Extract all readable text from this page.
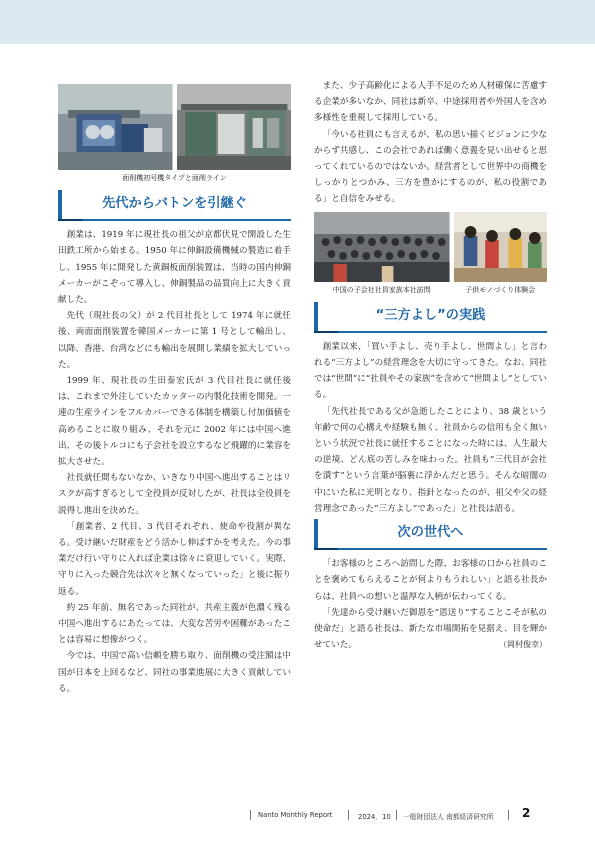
面削機初号機タイプと面削ライン
先代からバトンを引継ぐ

創業は、1919 年に現社長の祖父が京都伏見で開設した生田鉄工所から始まる。1950 年に伸銅設備機械の製造に着手し、1955 年に開発した黄銅板面削装置は、当時の国内伸銅メーカーがこぞって導入し、伸銅製品の品質向上に大きく貢献した。

先代（現社長の父）が 2 代目社長として 1974 年に就任後、両面面削装置を韓国メーカーに第 1 号として輸出し、以降、香港、台湾などにも輸出を展開し業績を拡大していった。

1999 年、現社長の生田泰宏氏が 3 代目社長に就任後は、これまで外注していたカッターの内製化技術を開発。一連の生産ラインをフルカバーできる体制を構築し付加価値を高めることに取り組み、それを元に 2002 年には中国へ進出、その後トルコにも子会社を設立するなど飛躍的に業容を拡大させた。

社長就任間もないなか、いきなり中国へ進出することはリスクが高すぎるとして全役員が反対したが、社長は全役員を説得し進出を決めた。

「創業者、2 代目、3 代目それぞれ、使命や役割が異なる。受け継いだ財産をどう活かし伸ばすかを考えた。今の事業だけ行い守りに入れば企業は徐々に衰退していく。実際、守りに入った競合先は次々と無くなっていった」と後に振り返る。

約 25 年前、無名であった同社が、共産主義が色濃く残る中国へ進出するにあたっては、大変な苦労や困難があったことは容易に想像がつく。

今では、中国で高い信頼を勝ち取り、面削機の受注額は中国が日本を上回るなど、同社の事業進展に大きく貢献している。

また、少子高齢化による人手不足のため人材確保に苦慮する企業が多いなか、同社は新卒、中途採用者や外国人を含め多様性を重視して採用している。

「今いる社員にも言えるが、私の思い描くビジョンに少なからず共感し、この会社であれば働く意義を見い出せると思ってくれているのではないか。経営者として世界中の商機をしっかりとつかみ、三方を豊かにするのが、私の役割である」と自信をみせる。

中国の子会社社員家族本社訪問	子供モノづくり体験会
“三方よし”の実践

創業以来、「買い手よし、売り手よし、世間よし」と言われる“三方よし”の経営理念を大切に守ってきた。なお、同社では“世間”に“社員やその家族”を含めて“世間よし”としている。

「先代社長である父が急逝したことにより、38 歳という年齢で何の心構えや経験も無く、社員からの信用も全く無いという状況で社長に就任することになった時には、人生最大の逆境、どん底の苦しみを味わった。社員も“三代目が会社を潰す”という言葉が脳裏に浮かんだと思う。そんな暗闇の中にいた私に光明となり、指針となったのが、祖父や父の経営理念であった“三方よし”であった」と社長は語る。

次の世代へ

「お客様のところへ訪問した際、お客様の口から社員のことを褒めてもらえることが何よりもうれしい」と語る社長からは、社員への想いと温厚な人柄が伝わってくる。

「先達から受け継いだ御恩を“恩送り”することこそが私の使命だ」と語る社長は、新たな市場開拓を見据え、目を輝かせていた。	（岡村俊幸）

Nanto Monthly Report	2024．10 一般財団法人 南都経済研究所 2
